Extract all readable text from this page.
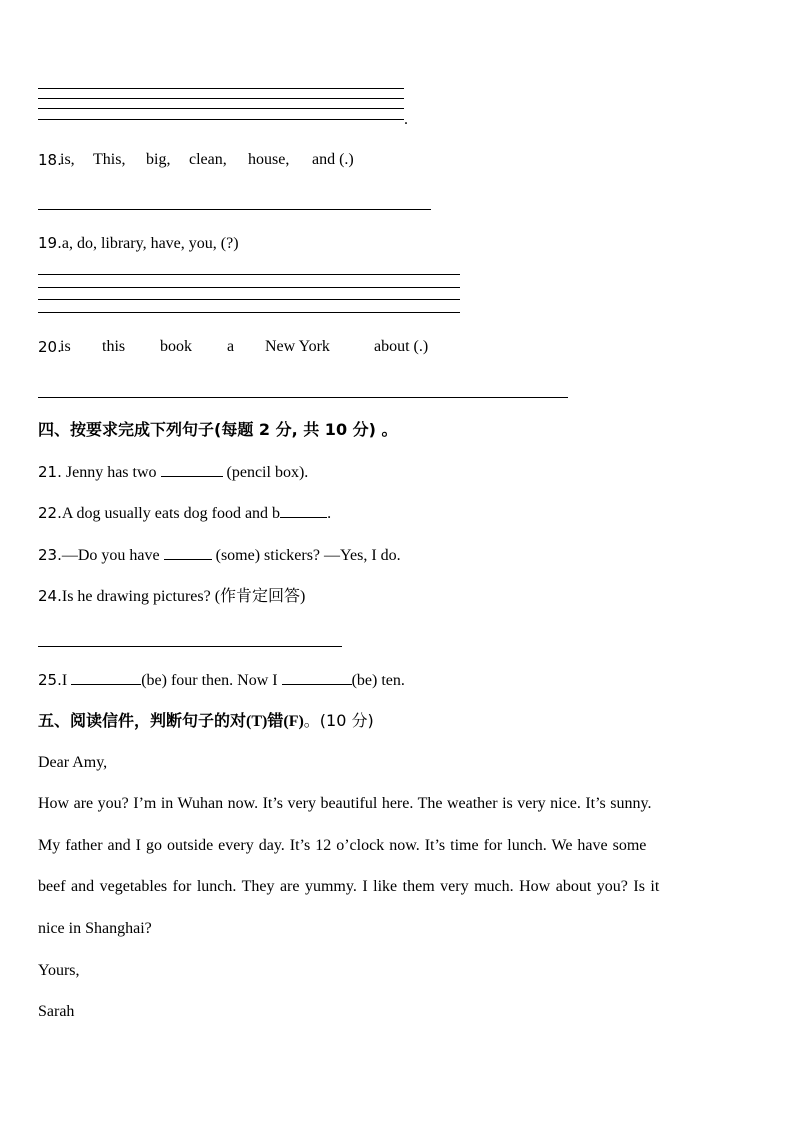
.
18.
is, This, big, clean, house, and (.)
19.a, do, library, have, you, (?)
20.
is this book a New York	about (.)
四、按要求完成下列句子(每题 2 分, 共 10 分) 。
21. Jenny has two	(pencil box).
22.A dog usually eats dog food and b	.
23.—Do you have	(some) stickers? —Yes, I do.
24.Is he drawing pictures? (作肯定回答)
25.I	(be) four then. Now I	(be) ten.
五、阅读信件，判断句子的对(T)错(F)。(10 分)
Dear Amy,
How are you? I’m in Wuhan now. It’s very beautiful here. The weather is very nice. It’s sunny.
My father and I go outside every day. It’s 12 o’clock now. It’s time for lunch. We have some
beef and vegetables for lunch. They are yummy. I like them very much. How about you? Is it
nice in Shanghai?
Yours,
Sarah
